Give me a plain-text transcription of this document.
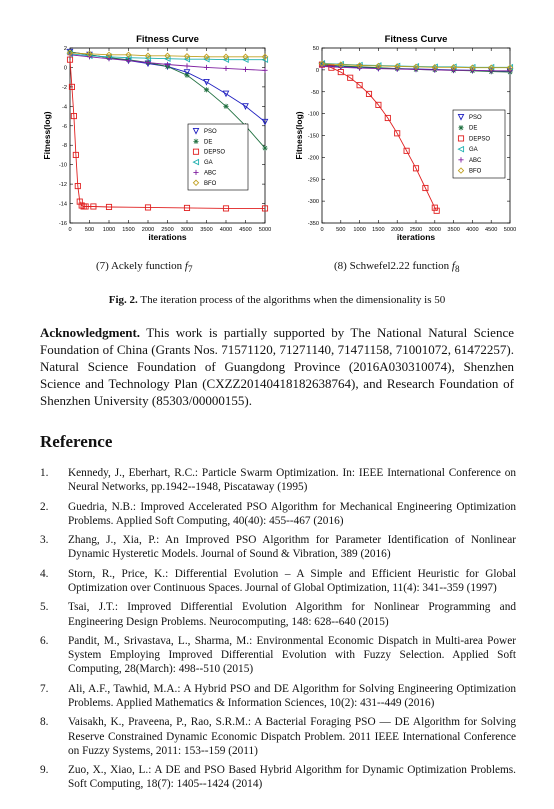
Fitness Curve
0 500 1000 1500 2000 2500 3000 3500 4000 4500 5000
2
0
-2
-4
-6
-8
-10
-12
-14
-16
iterations
Fitness(log)	PSO
DE
DEPSO
GA
ABC
BFO
Fitness Curve
0 500 1000 1500 2000 2500 3000 3500 4000 4500 5000
50
0
-50
-100
-150
-200
-250
-300
-350
iterations
Fitness(log)	PSO
DE
DEPSO
GA
ABC
BFO
(7) Ackely function $f_7$	(8) Schwefel2.22 function $f_8$
Fig. 2. The iteration process of the algorithms when the dimensionality is 50
Acknowledgment. This work is partially supported by The National Natural Science Foundation of China (Grants Nos. 71571120, 71271140, 71471158, 71001072, 61472257). Natural Science Foundation of Guangdong Province (2016A030310074), Shenzhen Science and Technology Plan (CXZZ20140418182638764), and Research Foundation of Shenzhen University (85303/00000155).
Reference
1. Kennedy, J., Eberhart, R.C.: Particle Swarm Optimization. In: IEEE International Conference on Neural Networks, pp.1942--1948, Piscataway (1995)
2. Guedria, N.B.: Improved Accelerated PSO Algorithm for Mechanical Engineering Optimization Problems. Applied Soft Computing, 40(40): 455--467 (2016)
3. Zhang, J., Xia, P.: An Improved PSO Algorithm for Parameter Identification of Nonlinear Dynamic Hysteretic Models. Journal of Sound & Vibration, 389 (2016)
4. Storn, R., Price, K.: Differential Evolution – A Simple and Efficient Heuristic for Global Optimization over Continuous Spaces. Journal of Global Optimization, 11(4): 341--359 (1997)
5. Tsai, J.T.: Improved Differential Evolution Algorithm for Nonlinear Programming and Engineering Design Problems. Neurocomputing, 148: 628--640 (2015)
6. Pandit, M., Srivastava, L., Sharma, M.: Environmental Economic Dispatch in Multi-area Power System Employing Improved Differential Evolution with Fuzzy Selection. Applied Soft Computing, 28(March): 498--510 (2015)
7. Ali, A.F., Tawhid, M.A.: A Hybrid PSO and DE Algorithm for Solving Engineering Optimization Problems. Applied Mathematics & Information Sciences, 10(2): 431--449 (2016)
8. Vaisakh, K., Praveena, P., Rao, S.R.M.: A Bacterial Foraging PSO — DE Algorithm for Solving Reserve Constrained Dynamic Economic Dispatch Problem. 2011 IEEE International Conference on Fuzzy Systems, 2011: 153--159 (2011)
9. Zuo, X., Xiao, L.: A DE and PSO Based Hybrid Algorithm for Dynamic Optimization Problems. Soft Computing, 18(7): 1405--1424 (2014)
